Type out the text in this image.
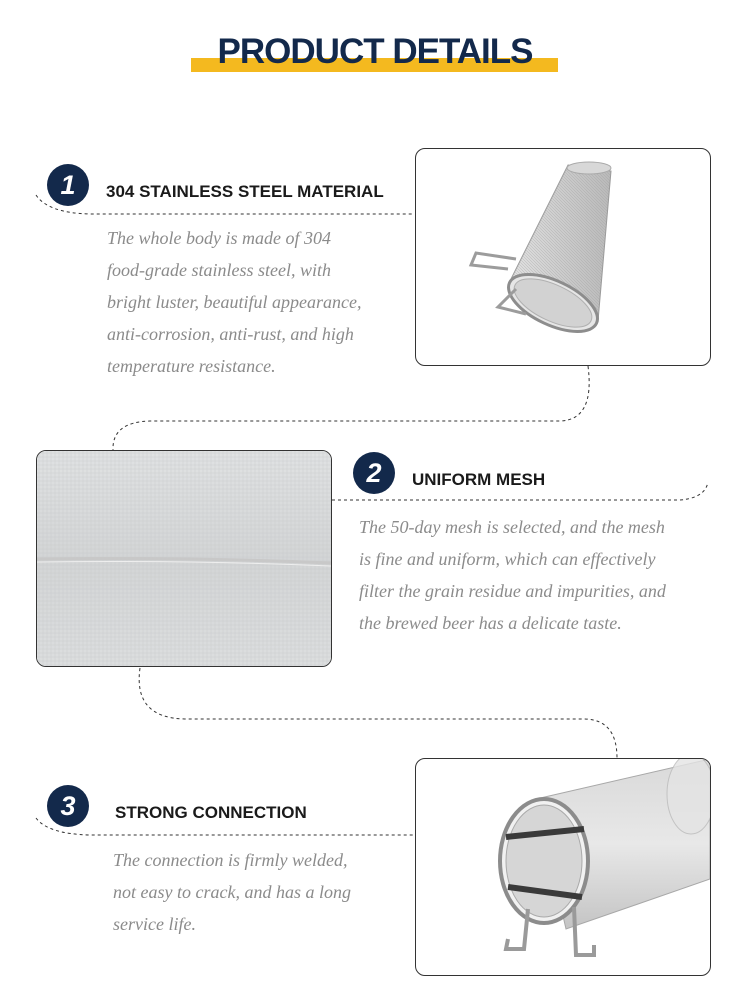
PRODUCT DETAILS
1	304 STAINLESS STEEL MATERIAL
The whole body is made of 304
food-grade stainless steel, with
bright luster, beautiful appearance,
anti-corrosion, anti-rust, and high
temperature resistance.
2	UNIFORM MESH
The 50-day mesh is selected, and the mesh
is fine and uniform, which can effectively
filter the grain residue and impurities, and
the brewed beer has a delicate taste.
3	STRONG CONNECTION
The connection is firmly welded,
not easy to crack, and has a long
service life.
